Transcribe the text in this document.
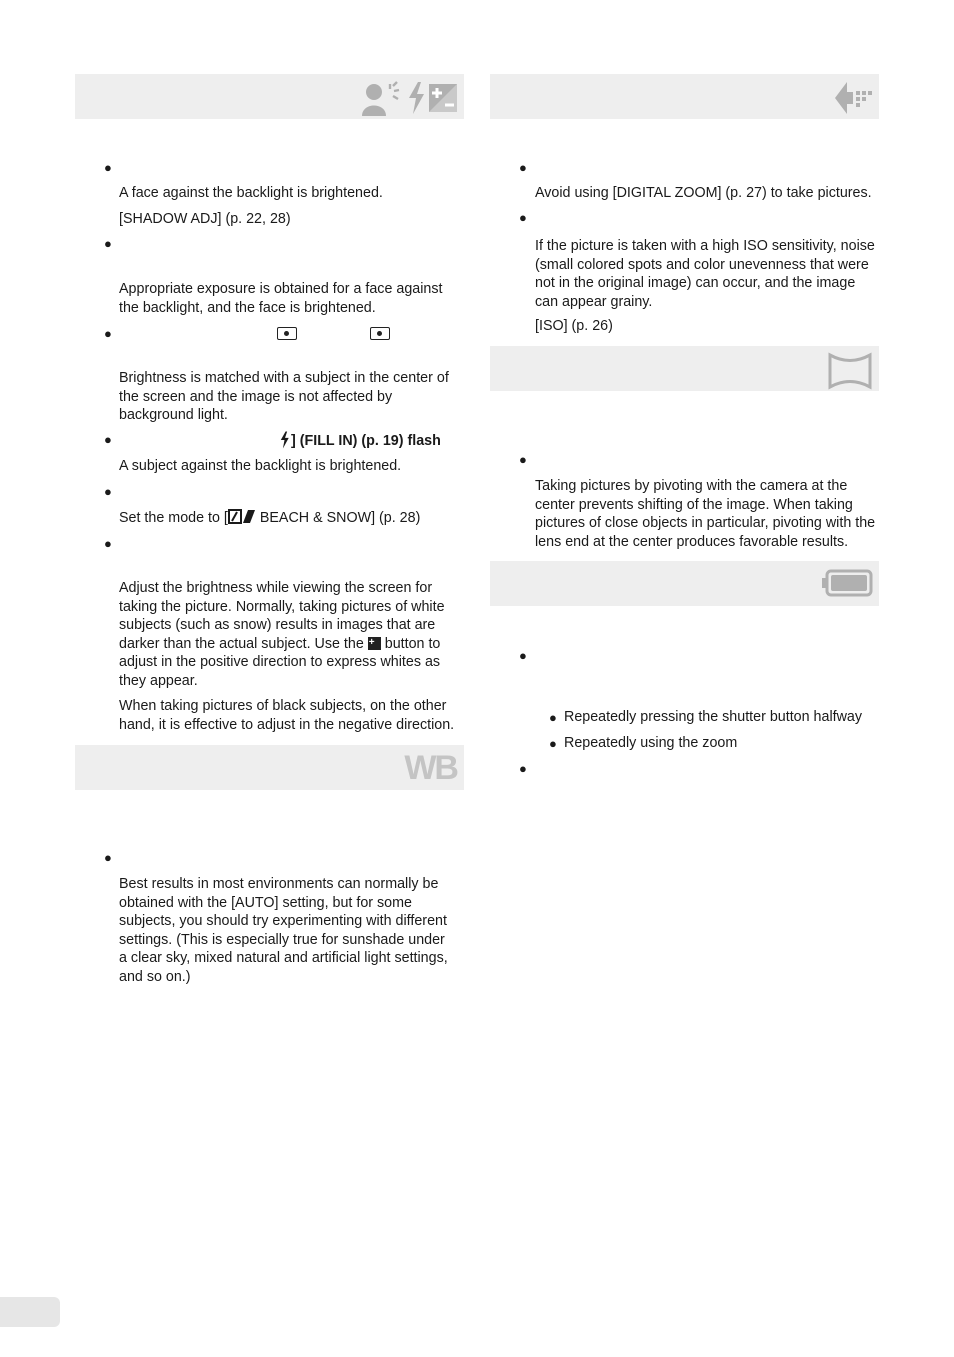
●
A face against the backlight is brightened.
[SHADOW ADJ] (p. 22, 28)
●
Appropriate exposure is obtained for a face against the backlight, and the face is brightened.
●
Brightness is matched with a subject in the center of the screen and the image is not affected by background light.
●	] (FILL IN) (p. 19) flash
A subject against the backlight is brightened.
●
Set the mode to [ BEACH & SNOW] (p. 28)
●
Adjust the brightness while viewing the screen for taking the picture. Normally, taking pictures of white subjects (such as snow) results in images that are darker than the actual subject. Use the + button to adjust in the positive direction to express whites as they appear.
When taking pictures of black subjects, on the other hand, it is effective to adjust in the negative direction.
WB
●
Best results in most environments can normally be obtained with the [AUTO] setting, but for some subjects, you should try experimenting with different settings. (This is especially true for sunshade under a clear sky, mixed natural and artificial light settings, and so on.)
●
Avoid using [DIGITAL ZOOM] (p. 27) to take pictures.
●
If the picture is taken with a high ISO sensitivity, noise (small colored spots and color unevenness that were not in the original image) can occur, and the image can appear grainy.
[ISO] (p. 26)
●
Taking pictures by pivoting with the camera at the center prevents shifting of the image. When taking pictures of close objects in particular, pivoting with the lens end at the center produces favorable results.
●
● Repeatedly pressing the shutter button halfway
● Repeatedly using the zoom
●
